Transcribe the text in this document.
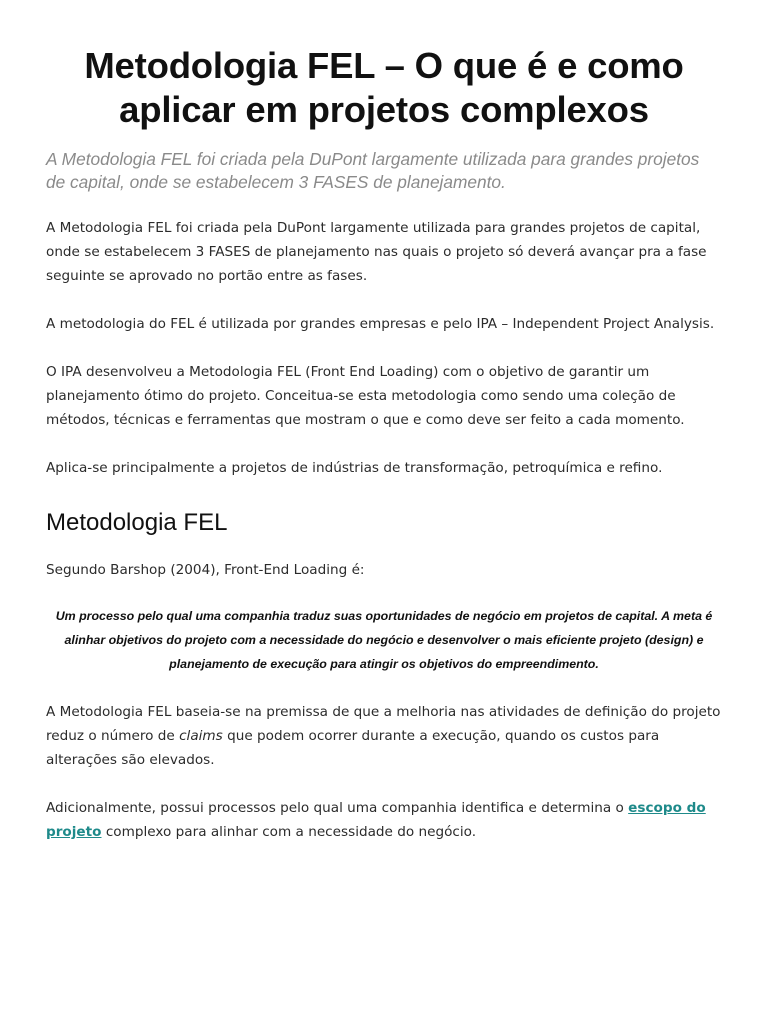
Metodologia FEL – O que é e como aplicar em projetos complexos

A Metodologia FEL foi criada pela DuPont largamente utilizada para grandes projetos de capital, onde se estabelecem 3 FASES de planejamento.

A Metodologia FEL foi criada pela DuPont largamente utilizada para grandes projetos de capital, onde se estabelecem 3 FASES de planejamento nas quais o projeto só deverá avançar pra a fase seguinte se aprovado no portão entre as fases.

A metodologia do FEL é utilizada por grandes empresas e pelo IPA – Independent Project Analysis.

O IPA desenvolveu a Metodologia FEL (Front End Loading) com o objetivo de garantir um planejamento ótimo do projeto. Conceitua-se esta metodologia como sendo uma coleção de métodos, técnicas e ferramentas que mostram o que e como deve ser feito a cada momento.

Aplica-se principalmente a projetos de indústrias de transformação, petroquímica e refino.

Metodologia FEL

Segundo Barshop (2004), Front-End Loading é:

Um processo pelo qual uma companhia traduz suas oportunidades de negócio em projetos de capital. A meta é alinhar objetivos do projeto com a necessidade do negócio e desenvolver o mais eficiente projeto (design) e planejamento de execução para atingir os objetivos do empreendimento.

A Metodologia FEL baseia-se na premissa de que a melhoria nas atividades de definição do projeto reduz o número de claims que podem ocorrer durante a execução, quando os custos para alterações são elevados.

Adicionalmente, possui processos pelo qual uma companhia identifica e determina o escopo do projeto complexo para alinhar com a necessidade do negócio.
